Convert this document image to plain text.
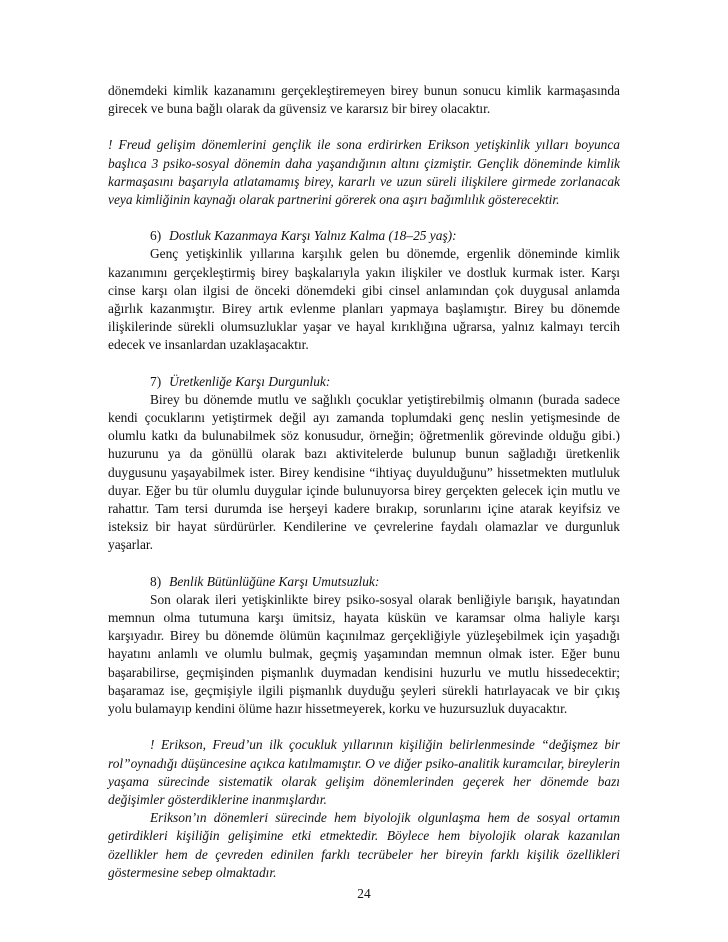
dönemdeki kimlik kazanamını gerçekleştiremeyen birey bunun sonucu kimlik karmaşasında girecek ve buna bağlı olarak da güvensiz ve kararsız bir birey olacaktır.

! Freud gelişim dönemlerini gençlik ile sona erdirirken Erikson yetişkinlik yılları boyunca başlıca 3 psiko-sosyal dönemin daha yaşandığının altını çizmiştir. Gençlik döneminde kimlik karmaşasını başarıyla atlatamamış birey, kararlı ve uzun süreli ilişkilere girmede zorlanacak veya kimliğinin kaynağı olarak partnerini görerek ona aşırı bağımlılık gösterecektir.

6) Dostluk Kazanmaya Karşı Yalnız Kalma (18–25 yaş):

Genç yetişkinlik yıllarına karşılık gelen bu dönemde, ergenlik döneminde kimlik kazanımını gerçekleştirmiş birey başkalarıyla yakın ilişkiler ve dostluk kurmak ister. Karşı cinse karşı olan ilgisi de önceki dönemdeki gibi cinsel anlamından çok duygusal anlamda ağırlık kazanmıştır. Birey artık evlenme planları yapmaya başlamıştır. Birey bu dönemde ilişkilerinde sürekli olumsuzluklar yaşar ve hayal kırıklığına uğrarsa, yalnız kalmayı tercih edecek ve insanlardan uzaklaşacaktır.

7) Üretkenliğe Karşı Durgunluk:

Birey bu dönemde mutlu ve sağlıklı çocuklar yetiştirebilmiş olmanın (burada sadece kendi çocuklarını yetiştirmek değil ayı zamanda toplumdaki genç neslin yetişmesinde de olumlu katkı da bulunabilmek söz konusudur, örneğin; öğretmenlik görevinde olduğu gibi.) huzurunu ya da gönüllü olarak bazı aktivitelerde bulunup bunun sağladığı üretkenlik duygusunu yaşayabilmek ister. Birey kendisine “ihtiyaç duyulduğunu” hissetmekten mutluluk duyar. Eğer bu tür olumlu duygular içinde bulunuyorsa birey gerçekten gelecek için mutlu ve rahattır. Tam tersi durumda ise herşeyi kadere bırakıp, sorunlarını içine atarak keyifsiz ve isteksiz bir hayat sürdürürler. Kendilerine ve çevrelerine faydalı olamazlar ve durgunluk yaşarlar.

8) Benlik Bütünlüğüne Karşı Umutsuzluk:

Son olarak ileri yetişkinlikte birey psiko-sosyal olarak benliğiyle barışık, hayatından memnun olma tutumuna karşı ümitsiz, hayata küskün ve karamsar olma haliyle karşı karşıyadır. Birey bu dönemde ölümün kaçınılmaz gerçekliğiyle yüzleşebilmek için yaşadığı hayatını anlamlı ve olumlu bulmak, geçmiş yaşamından memnun olmak ister. Eğer bunu başarabilirse, geçmişinden pişmanlık duymadan kendisini huzurlu ve mutlu hissedecektir; başaramaz ise, geçmişiyle ilgili pişmanlık duyduğu şeyleri sürekli hatırlayacak ve bir çıkış yolu bulamayıp kendini ölüme hazır hissetmeyerek, korku ve huzursuzluk duyacaktır.

! Erikson, Freud’un ilk çocukluk yıllarının kişiliğin belirlenmesinde “değişmez bir rol”oynadığı düşüncesine açıkca katılmamıştır. O ve diğer psiko-analitik kuramcılar, bireylerin yaşama sürecinde sistematik olarak gelişim dönemlerinden geçerek her dönemde bazı değişimler gösterdiklerine inanmışlardır.

Erikson’ın dönemleri sürecinde hem biyolojik olgunlaşma hem de sosyal ortamın getirdikleri kişiliğin gelişimine etki etmektedir. Böylece hem biyolojik olarak kazanılan özellikler hem de çevreden edinilen farklı tecrübeler her bireyin farklı kişilik özellikleri göstermesine sebep olmaktadır.

24
